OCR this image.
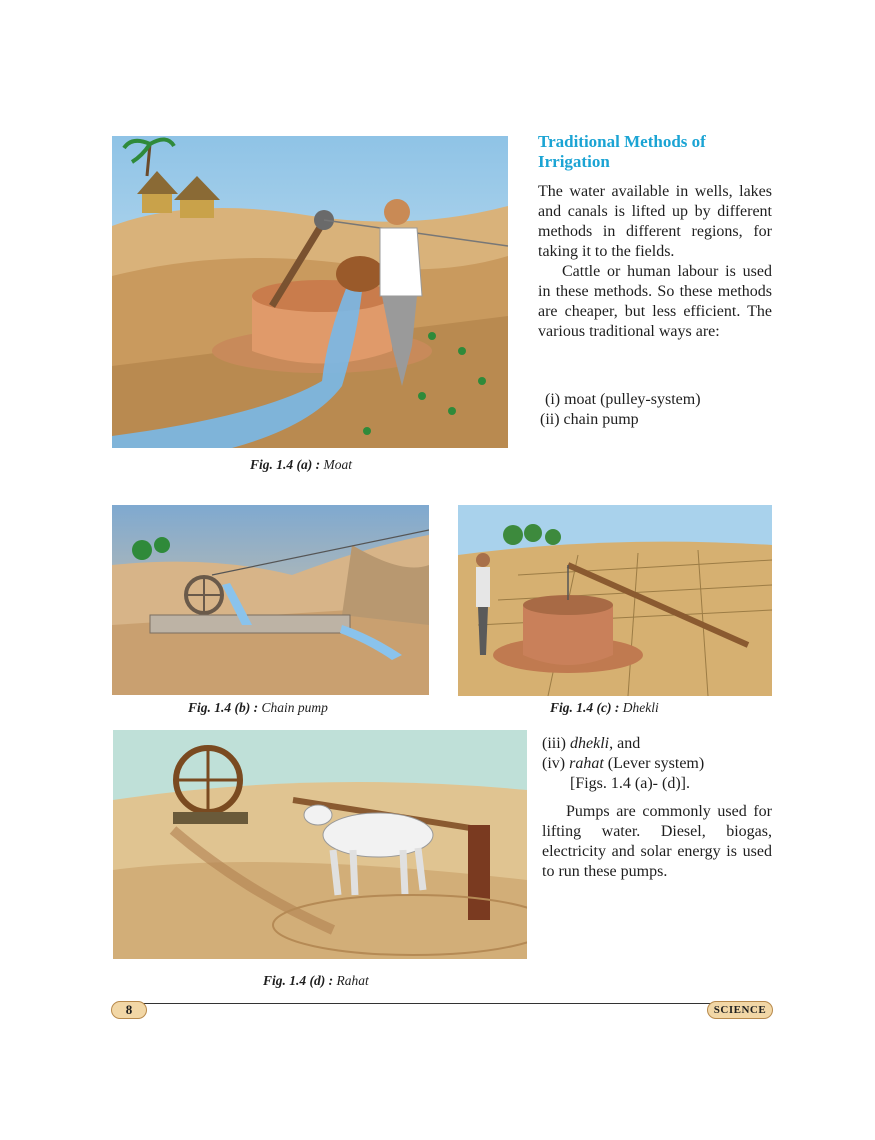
Fig. 1.4 (a) : Moat
Traditional Methods of Irrigation

The water available in wells, lakes and canals is lifted up by different methods in different regions, for taking it to the fields.

Cattle or human labour is used in these methods. So these methods are cheaper, but less efficient. The various traditional ways are:

(i) moat (pulley-system)
(ii) chain pump
Fig. 1.4 (b) : Chain pump	Fig. 1.4 (c) : Dhekli
Fig. 1.4 (d) : Rahat
(iii) dhekli, and
(iv) rahat (Lever system)
[Figs. 1.4 (a)- (d)].

Pumps are commonly used for lifting water. Diesel, biogas, electricity and solar energy is used to run these pumps.

8	SCIENCE
